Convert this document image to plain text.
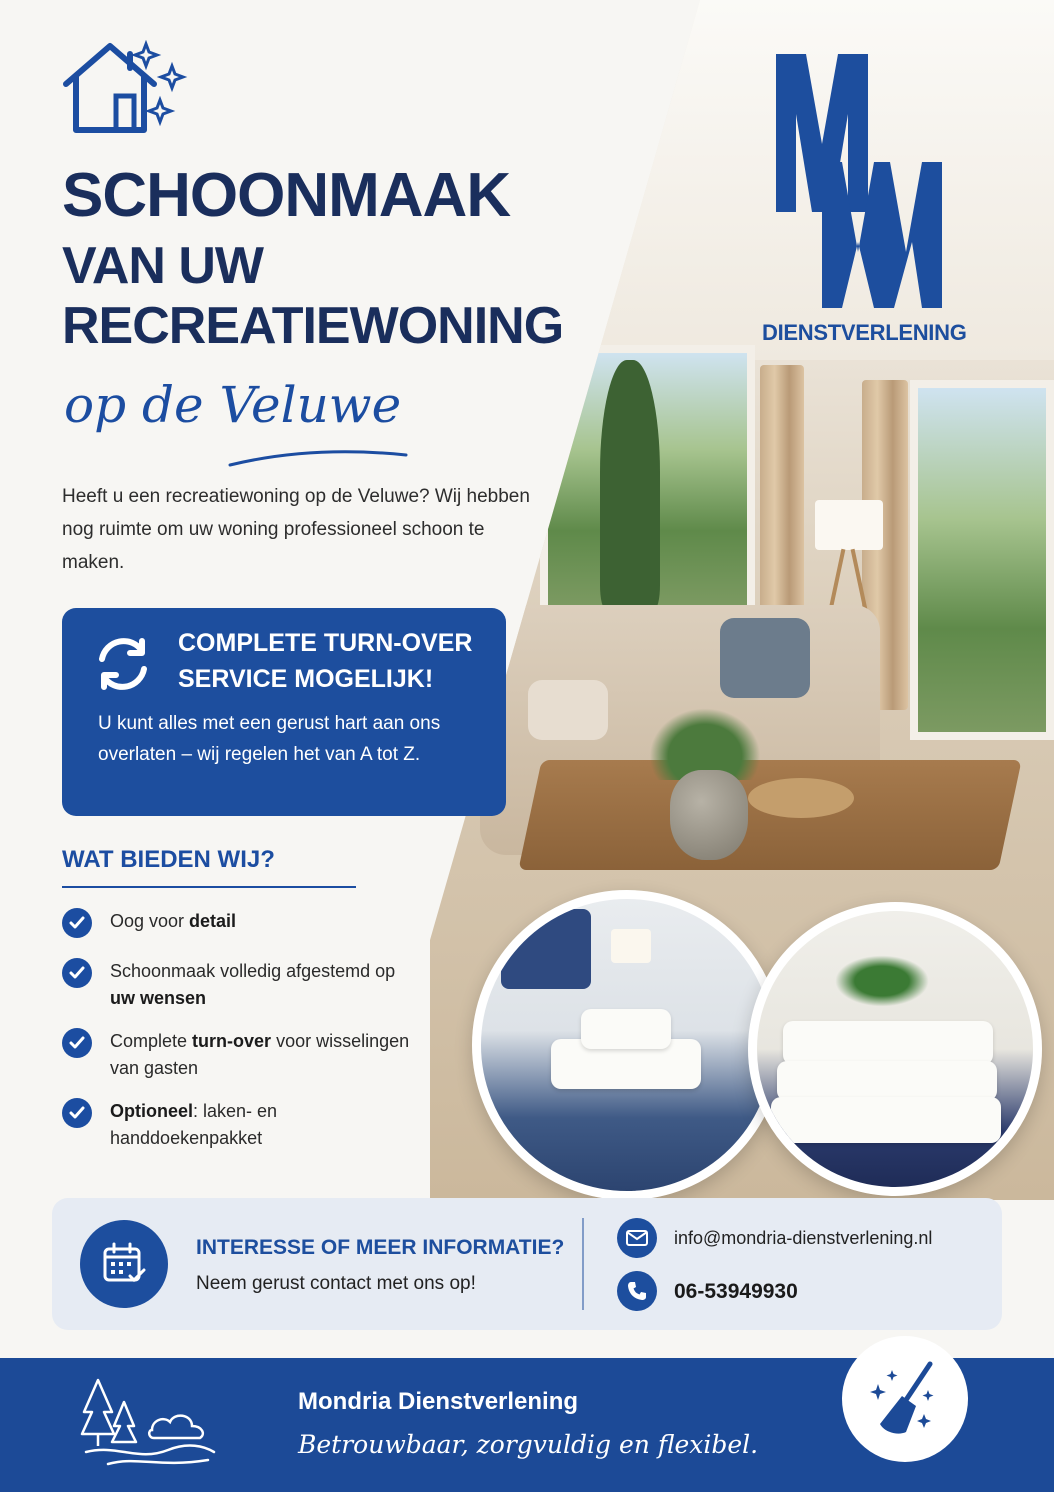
SCHOONMAAK
VAN UW
RECREATIEWONING
op de Veluwe

Heeft u een recreatiewoning op de Veluwe? Wij hebben nog ruimte om uw woning professioneel schoon te maken.

COMPLETE TURN-OVER
SERVICE MOGELIJK!

U kunt alles met een gerust hart aan ons overlaten – wij regelen het van A tot Z.

WAT BIEDEN WIJ?
Oog voor detail
Schoonmaak volledig afgestemd op uw wensen
Complete turn-over voor wisselingen van gasten
Optioneel: laken- en handdoekenpakket
DIENSTVERLENING
INTERESSE OF MEER INFORMATIE?
Neem gerust contact met ons op!
info@mondria-dienstverlening.nl
06-53949930
Mondria Dienstverlening
Betrouwbaar, zorgvuldig en flexibel.
